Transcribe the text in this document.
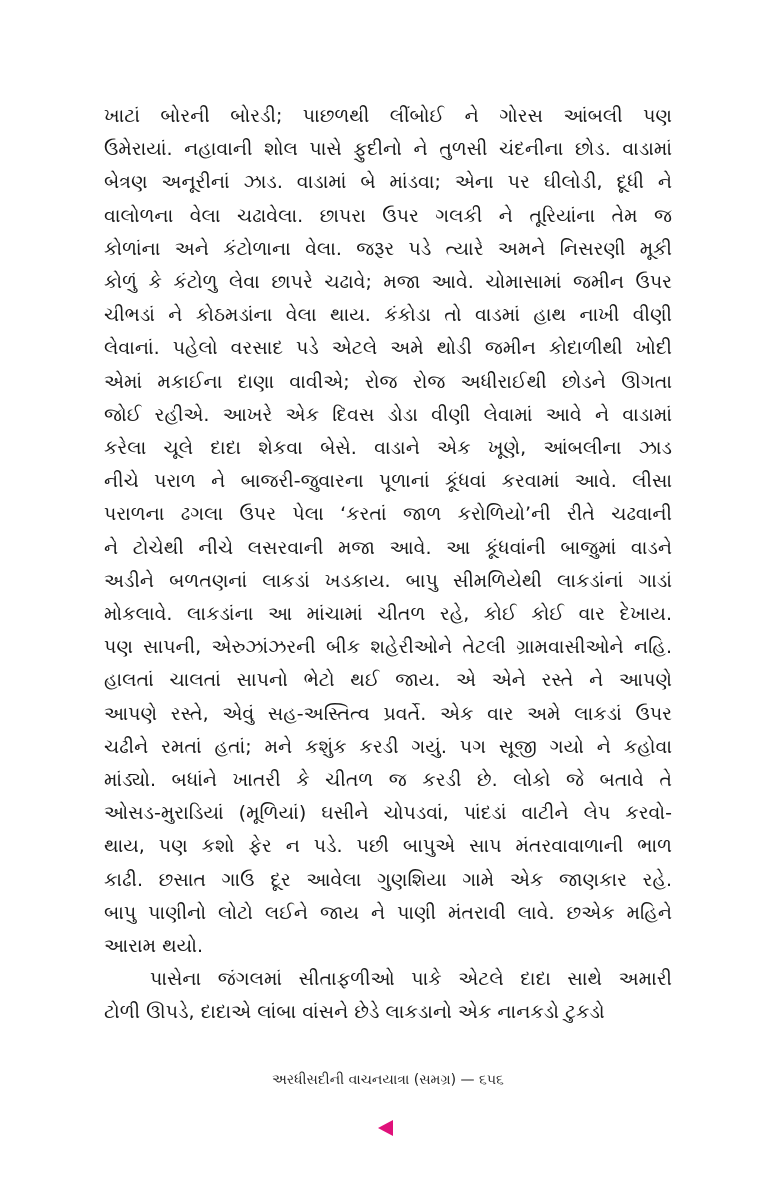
ખાટાં બોરની બોરડી; પાછળથી લીંબોઈ ને ગોરસ આંબલી પણ
ઉમેરાયાં. નહાવાની શોલ પાસે ફુદીનો ને તુળસી ચંદનીના છોડ. વાડામાં
બેત્રણ અનૂરીનાં ઝાડ. વાડામાં બે માંડવા; એના પર ઘીલોડી, દૂધી ને
વાલોળના વેલા ચઢાવેલા. છાપરા ઉપર ગલકી ને તૂરિયાંના તેમ જ
કોળાંના અને કંટોળાના વેલા. જરૂર પડે ત્યારે અમને નિસરણી મૂકી
કોળું કે કંટોળુ લેવા છાપરે ચઢાવે; મજા આવે. ચોમાસામાં જમીન ઉપર
ચીભડાં ને કોઠમડાંના વેલા થાય. કંકોડા તો વાડમાં હાથ નાખી વીણી
લેવાનાં. પહેલો વરસાદ પડે એટલે અમે થોડી જમીન કોદાળીથી ખોદી
એમાં મકાઈના દાણા વાવીએ; રોજ રોજ અધીરાઈથી છોડને ઊગતા
જોઈ રહીએ. આખરે એક દિવસ ડોડા વીણી લેવામાં આવે ને વાડામાં
કરેલા ચૂલે દાદા શેકવા બેસે. વાડાને એક ખૂણે, આંબલીના ઝાડ
નીચે પરાળ ને બાજરી-જુવારના પૂળાનાં કૂંધવાં કરવામાં આવે. લીસા
પરાળના ઢગલા ઉપર પેલા ‘કરતાં જાળ કરોળિયો’ની રીતે ચઢવાની
ને ટોચેથી નીચે લસરવાની મજા આવે. આ કૂંધવાંની બાજુમાં વાડને
અડીને બળતણનાં લાકડાં ખડકાય. બાપુ સીમળિયેથી લાકડાંનાં ગાડાં
મોકલાવે. લાકડાંના આ માંચામાં ચીતળ રહે, કોઈ કોઈ વાર દેખાય.
પણ સાપની, એરુઝાંઝરની બીક શહેરીઓને તેટલી ગ્રામવાસીઓને નહિ.
હાલતાં ચાલતાં સાપનો ભેટો થઈ જાય. એ એને રસ્તે ને આપણે
આપણે રસ્તે, એવું સહ-અસ્તિત્વ પ્રવર્તે. એક વાર અમે લાકડાં ઉપર
ચઢીને રમતાં હતાં; મને કશુંક કરડી ગયું. પગ સૂજી ગયો ને કહોવા
માંડ્યો. બધાંને ખાતરી કે ચીતળ જ કરડી છે. લોકો જે બતાવે તે
ઓસડ-મુરાડિયાં (મૂળિયાં) ઘસીને ચોપડવાં, પાંદડાં વાટીને લેપ કરવો-
થાય, પણ કશો ફેર ન પડે. પછી બાપુએ સાપ મંતરવાવાળાની ભાળ
કાઢી. છસાત ગાઉ દૂર આવેલા ગુણશિયા ગામે એક જાણકાર રહે.
બાપુ પાણીનો લોટો લઈને જાય ને પાણી મંતરાવી લાવે. છએક મહિને
આરામ થયો.
પાસેના જંગલમાં સીતાફળીઓ પાકે એટલે દાદા સાથે અમારી
ટોળી ઊપડે, દાદાએ લાંબા વાંસને છેડે લાકડાનો એક નાનકડો ટુકડો
અરધીસદીની વાચનયાત્રા (સમગ્ર) — ૬૫૬
